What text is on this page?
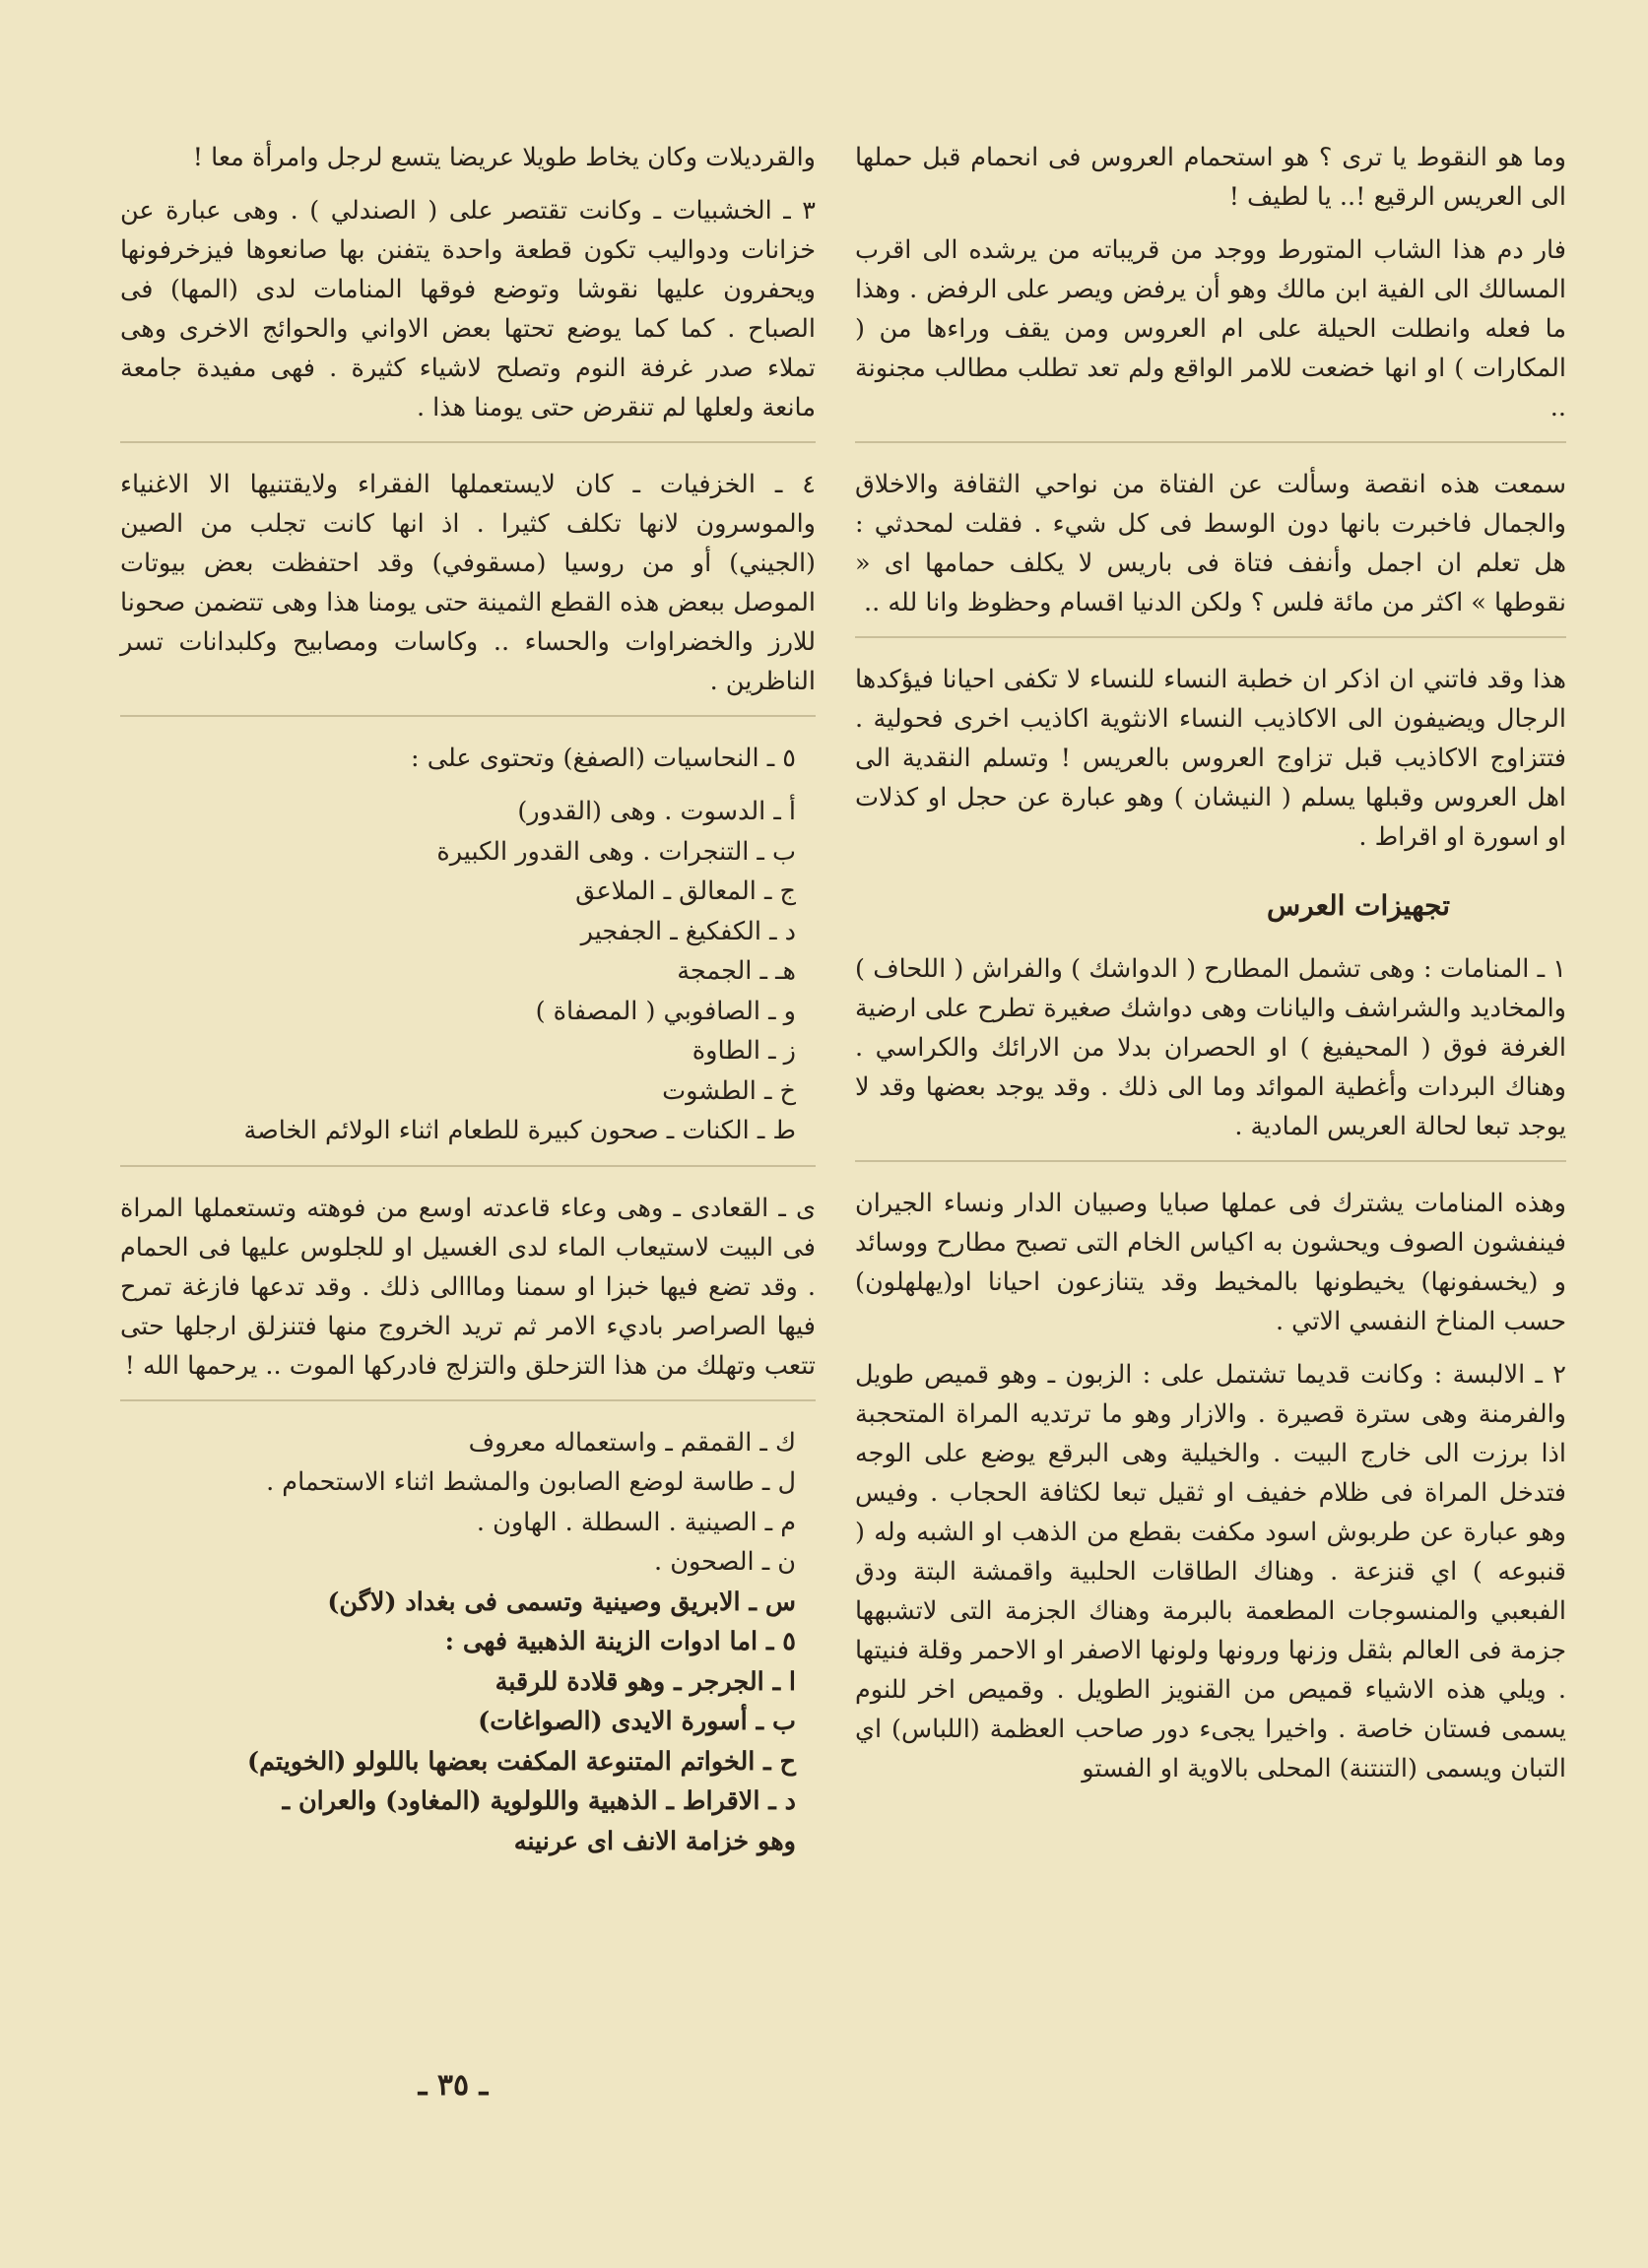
وما هو النقوط يا ترى ؟ هو استحمام العروس فى انحمام قبل حملها الى العريس الرقيع !.. يا لطيف !

فار دم هذا الشاب المتورط ووجد من قريباته من يرشده الى اقرب المسالك الى الفية ابن مالك وهو أن يرفض ويصر على الرفض . وهذا ما فعله وانطلت الحيلة على ام العروس ومن يقف وراءها من ( المكارات ) او انها خضعت للامر الواقع ولم تعد تطلب مطالب مجنونة ..

سمعت هذه انقصة وسألت عن الفتاة من نواحي الثقافة والاخلاق والجمال فاخبرت بانها دون الوسط فى كل شيء . فقلت لمحدثي : هل تعلم ان اجمل وأنفف فتاة فى باريس لا يكلف حمامها اى « نقوطها » اكثر من مائة فلس ؟ ولكن الدنيا اقسام وحظوظ وانا لله ..

هذا وقد فاتني ان اذكر ان خطبة النساء للنساء لا تكفى احيانا فيؤكدها الرجال ويضيفون الى الاكاذيب النساء الانثوية اكاذيب اخرى فحولية . فتتزاوج الاكاذيب قبل تزاوج العروس بالعريس ! وتسلم النقدية الى اهل العروس وقبلها يسلم ( النيشان ) وهو عبارة عن حجل او كذلات او اسورة او اقراط .

تجهيزات العرس

١ ـ المنامات : وهى تشمل المطارح ( الدواشك ) والفراش ( اللحاف ) والمخاديد والشراشف واليانات وهى دواشك صغيرة تطرح على ارضية الغرفة فوق ( المحيفيغ ) او الحصران بدلا من الارائك والكراسي . وهناك البردات وأغطية الموائد وما الى ذلك . وقد يوجد بعضها وقد لا يوجد تبعا لحالة العريس المادية .

وهذه المنامات يشترك فى عملها صبايا وصبيان الدار ونساء الجيران فينفشون الصوف ويحشون به اكياس الخام التى تصبح مطارح ووسائد و (يخسفونها) يخيطونها بالمخيط وقد يتنازعون احيانا او(يهلهلون) حسب المناخ النفسي الاتي .

٢ ـ الالبسة : وكانت قديما تشتمل على : الزبون ـ وهو قميص طويل والفرمنة وهى سترة قصيرة . والازار وهو ما ترتديه المراة المتحجبة اذا برزت الى خارج البيت . والخيلية وهى البرقع يوضع على الوجه فتدخل المراة فى ظلام خفيف او ثقيل تبعا لكثافة الحجاب . وفيس وهو عبارة عن طربوش اسود مكفت بقطع من الذهب او الشبه وله ( قنبوعه ) اي قنزعة . وهناك الطاقات الحلبية واقمشة البتة ودق الفبعبي والمنسوجات المطعمة بالبرمة وهناك الجزمة التى لاتشبهها جزمة فى العالم بثقل وزنها ورونها ولونها الاصفر او الاحمر وقلة فنيتها . ويلي هذه الاشياء قميص من القنويز الطويل . وقميص اخر للنوم يسمى فستان خاصة . واخيرا يجىء دور صاحب العظمة (اللباس) اي التبان ويسمى (التنتنة) المحلى بالاوية او الفستو

والقرديلات وكان يخاط طويلا عريضا يتسع لرجل وامرأة معا !

٣ ـ الخشبيات ـ وكانت تقتصر على ( الصندلي ) . وهى عبارة عن خزانات ودواليب تكون قطعة واحدة يتفنن بها صانعوها فيزخرفونها ويحفرون عليها نقوشا وتوضع فوقها المنامات لدى (المها) فى الصباح . كما كما يوضع تحتها بعض الاواني والحوائج الاخرى وهى تملاء صدر غرفة النوم وتصلح لاشياء كثيرة . فهى مفيدة جامعة مانعة ولعلها لم تنقرض حتى يومنا هذا .

٤ ـ الخزفيات ـ كان لايستعملها الفقراء ولايقتنيها الا الاغنياء والموسرون لانها تكلف كثيرا . اذ انها كانت تجلب من الصين (الجيني) أو من روسيا (مسقوفي) وقد احتفظت بعض بيوتات الموصل ببعض هذه القطع الثمينة حتى يومنا هذا وهى تتضمن صحونا للارز والخضراوات والحساء .. وكاسات ومصابيح وكلبدانات تسر الناظرين .

٥ ـ النحاسيات (الصفغ) وتحتوى على :

أ ـ الدسوت . وهى (القدور)
ب ـ التنجرات . وهى القدور الكبيرة
ج ـ المعالق ـ الملاعق
د ـ الكفكيغ ـ الجفجير
هـ ـ الجمجة
و ـ الصافوبي ( المصفاة )
ز ـ الطاوة
خ ـ الطشوت
ط ـ الكنات ـ صحون كبيرة للطعام اثناء الولائم الخاصة

ى ـ القعادى ـ وهى وعاء قاعدته اوسع من فوهته وتستعملها المراة فى البيت لاستيعاب الماء لدى الغسيل او للجلوس عليها فى الحمام . وقد تضع فيها خبزا او سمنا ومااالى ذلك . وقد تدعها فازغة تمرح فيها الصراصر باديء الامر ثم تريد الخروج منها فتنزلق ارجلها حتى تتعب وتهلك من هذا التزحلق والتزلج فادركها الموت .. يرحمها الله !

ك ـ القمقم ـ واستعماله معروف
ل ـ طاسة لوضع الصابون والمشط اثناء الاستحمام .
م ـ الصينية . السطلة . الهاون .
ن ـ الصحون .
س ـ الابريق وصينية وتسمى فى بغداد (لاگن)
٥ ـ اما ادوات الزينة الذهبية فهى :
ا ـ الجرجر ـ وهو قلادة للرقبة
ب ـ أسورة الايدى (الصواغات)
ح ـ الخواتم المتنوعة المكفت بعضها باللولو (الخويتم)
د ـ الاقراط ـ الذهبية واللولوية (المغاود) والعران ـ
وهو خزامة الانف اى عرنينه
ـ ٣٥ ـ
